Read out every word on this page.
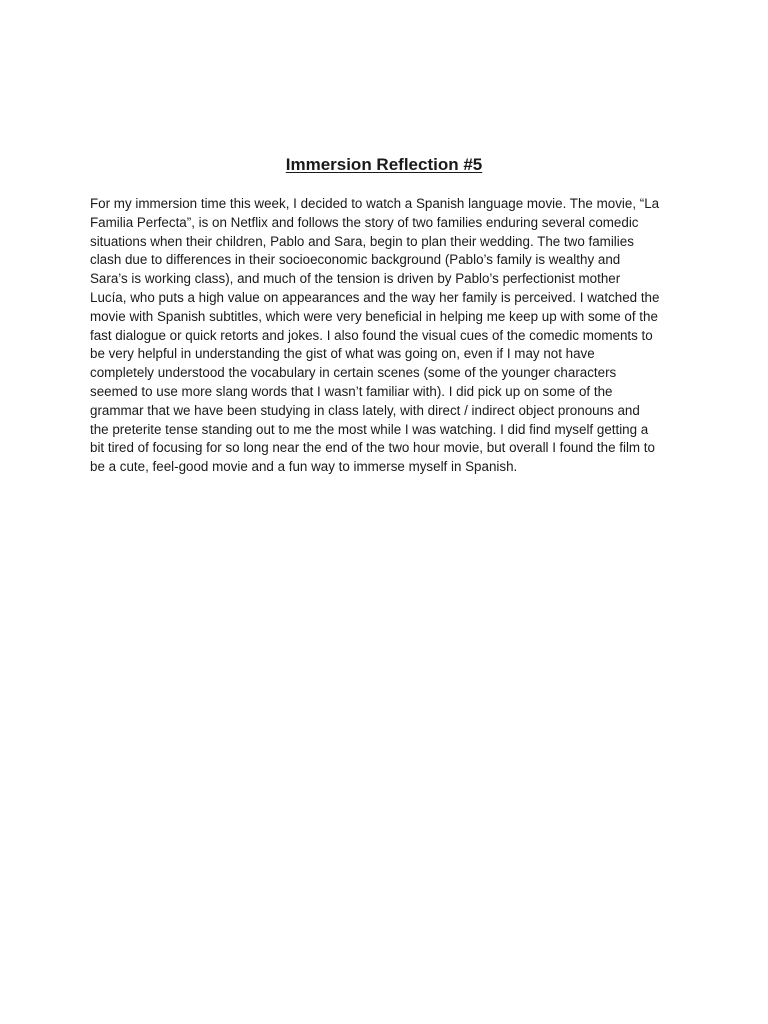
Immersion Reflection #5
For my immersion time this week, I decided to watch a Spanish language movie. The movie, “La
Familia Perfecta”, is on Netflix and follows the story of two families enduring several comedic
situations when their children, Pablo and Sara, begin to plan their wedding. The two families
clash due to differences in their socioeconomic background (Pablo’s family is wealthy and
Sara’s is working class), and much of the tension is driven by Pablo’s perfectionist mother
Lucía, who puts a high value on appearances and the way her family is perceived. I watched the
movie with Spanish subtitles, which were very beneficial in helping me keep up with some of the
fast dialogue or quick retorts and jokes. I also found the visual cues of the comedic moments to
be very helpful in understanding the gist of what was going on, even if I may not have
completely understood the vocabulary in certain scenes (some of the younger characters
seemed to use more slang words that I wasn’t familiar with). I did pick up on some of the
grammar that we have been studying in class lately, with direct / indirect object pronouns and
the preterite tense standing out to me the most while I was watching. I did find myself getting a
bit tired of focusing for so long near the end of the two hour movie, but overall I found the film to
be a cute, feel-good movie and a fun way to immerse myself in Spanish.
